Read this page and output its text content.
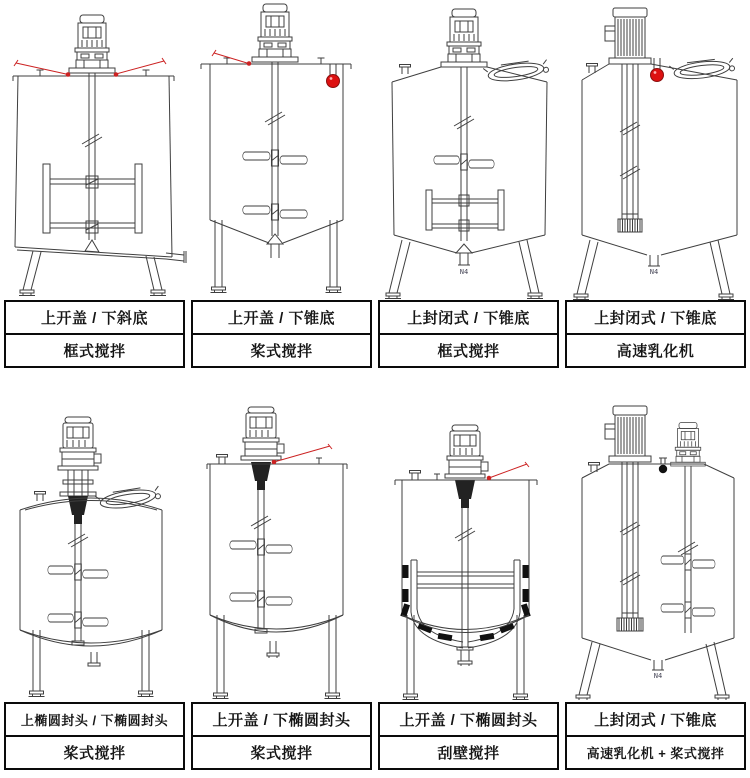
N4	N4
N4
上开盖 / 下斜底
框式搅拌
上开盖 / 下锥底
桨式搅拌
上封闭式 / 下锥底
框式搅拌
上封闭式 / 下锥底
高速乳化机
上椭圆封头 / 下椭圆封头
桨式搅拌
上开盖 / 下椭圆封头
桨式搅拌
上开盖 / 下椭圆封头
刮壁搅拌
上封闭式 / 下锥底
高速乳化机 + 桨式搅拌
